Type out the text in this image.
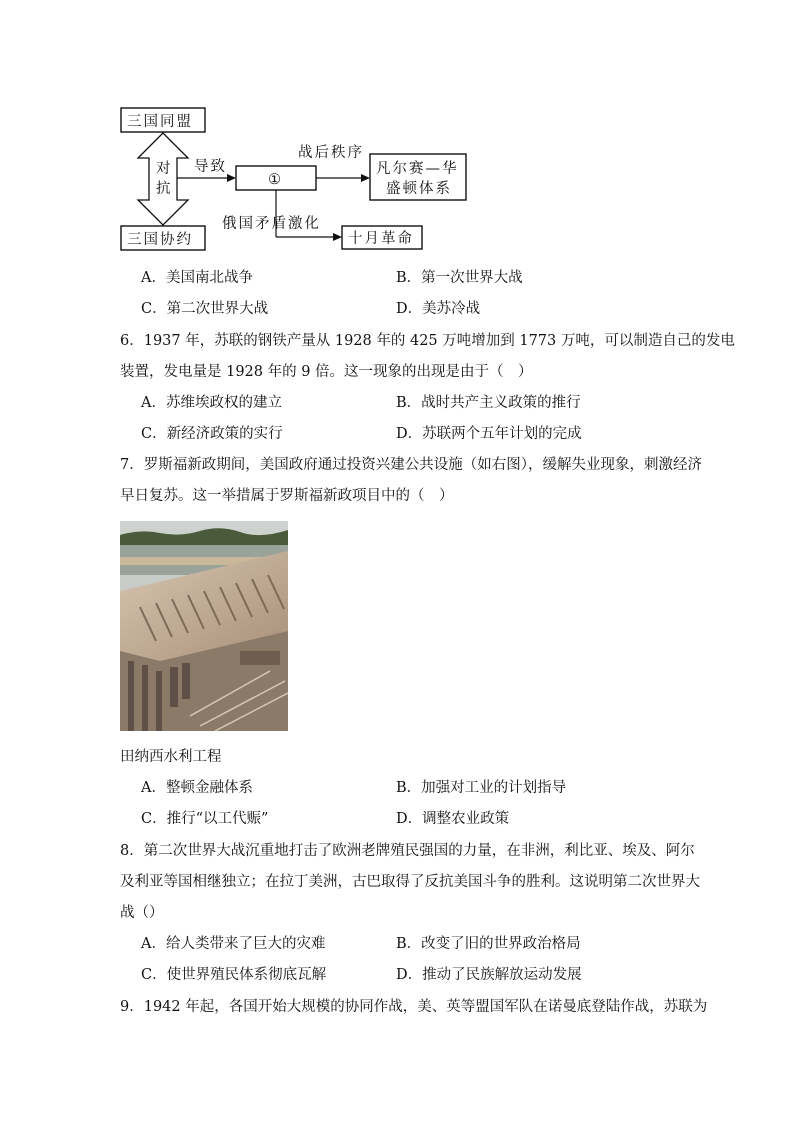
三国同盟
三国协约
对
抗
导致
①
战后秩序
凡尔赛—华
盛顿体系
俄国矛盾激化
十月革命
A．美国南北战争	B．第一次世界大战
C．第二次世界大战	D．美苏冷战
6．1937 年，苏联的钢铁产量从 1928 年的 425 万吨增加到 1773 万吨，可以制造自己的发电
装置，发电量是 1928 年的 9 倍。这一现象的出现是由于（　）
A．苏维埃政权的建立	B．战时共产主义政策的推行
C．新经济政策的实行	D．苏联两个五年计划的完成
7．罗斯福新政期间，美国政府通过投资兴建公共设施（如右图），缓解失业现象，刺激经济
早日复苏。这一举措属于罗斯福新政项目中的（　）
田纳西水利工程
A．整顿金融体系	B．加强对工业的计划指导
C．推行“以工代赈”	D．调整农业政策
8．第二次世界大战沉重地打击了欧洲老牌殖民强国的力量，在非洲，利比亚、埃及、阿尔
及利亚等国相继独立；在拉丁美洲，古巴取得了反抗美国斗争的胜利。这说明第二次世界大
战（）
A．给人类带来了巨大的灾难	B．改变了旧的世界政治格局
C．使世界殖民体系彻底瓦解	D．推动了民族解放运动发展
9．1942 年起，各国开始大规模的协同作战，美、英等盟国军队在诺曼底登陆作战，苏联为
